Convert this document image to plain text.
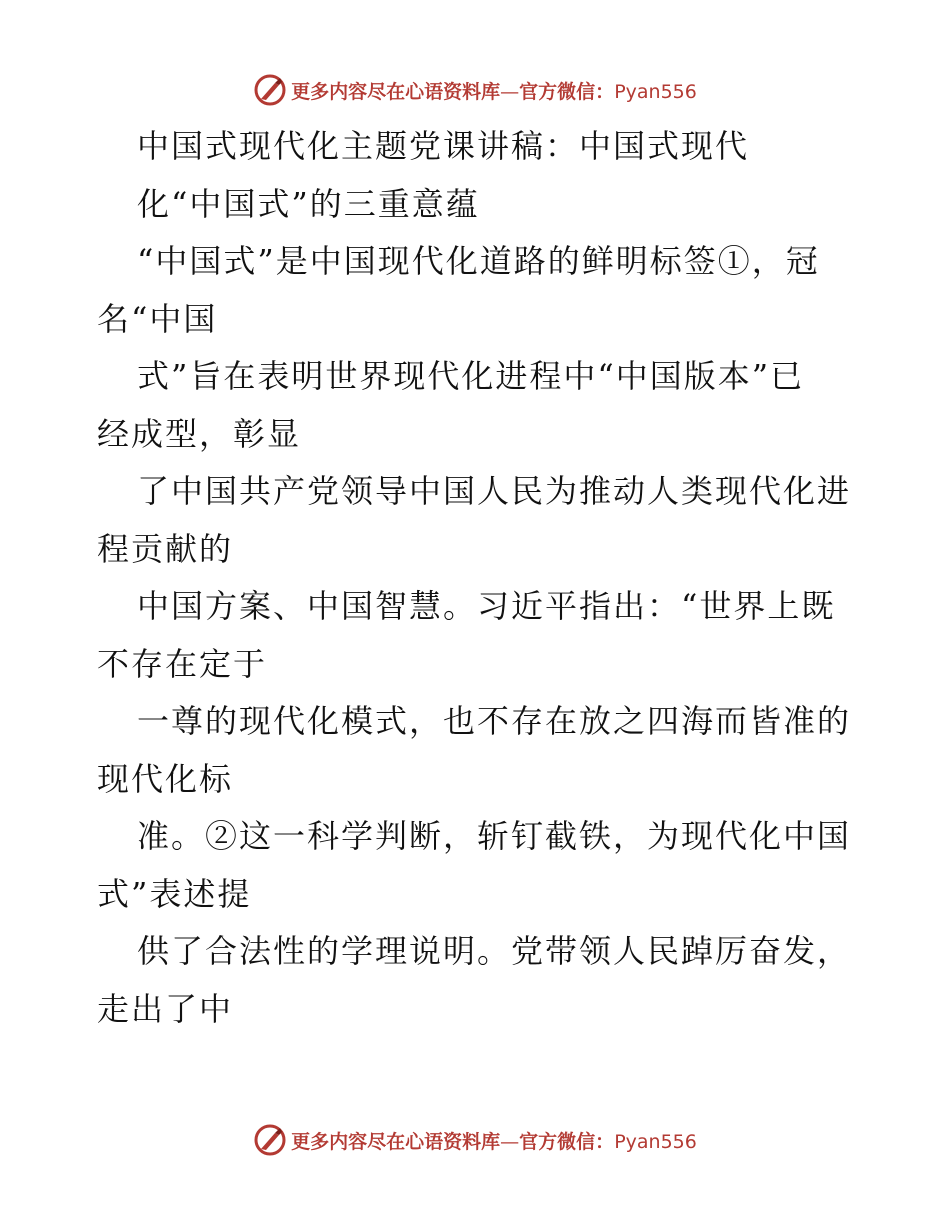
更多内容尽在心语资料库—官方微信：Pyan556
中国式现代化主题党课讲稿：中国式现代
化“中国式”的三重意蕴
“中国式”是中国现代化道路的鲜明标签①，冠
名“中国
式”旨在表明世界现代化进程中“中国版本”已
经成型，彰显
了中国共产党领导中国人民为推动人类现代化进
程贡献的
中国方案、中国智慧。习近平指出：“世界上既
不存在定于
一尊的现代化模式，也不存在放之四海而皆准的
现代化标
准。②这一科学判断，斩钉截铁，为现代化中国
式”表述提
供了合法性的学理说明。党带领人民踔厉奋发，
走出了中
更多内容尽在心语资料库—官方微信：Pyan556
